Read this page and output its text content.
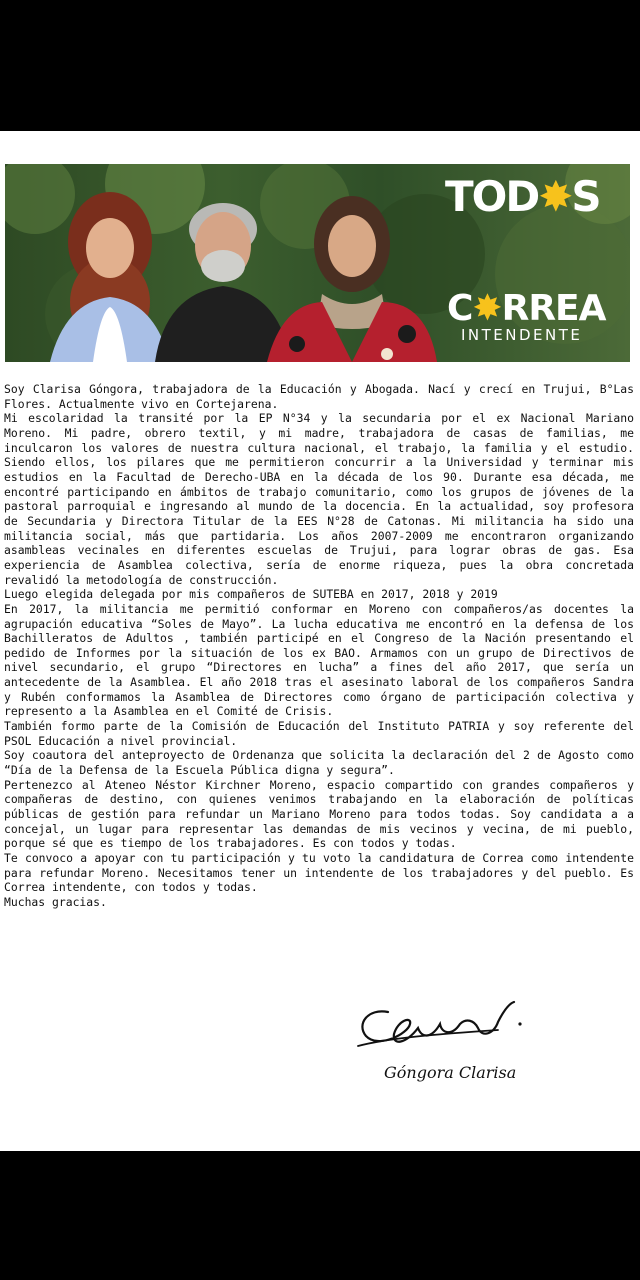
TOD✸S
C✸RREA
INTENDENTE

Soy Clarisa Góngora, trabajadora de la Educación y Abogada. Nací y crecí en Trujui, B°Las Flores. Actualmente vivo en Cortejarena.

Mi escolaridad la transité por la EP N°34 y la secundaria por el ex Nacional Mariano Moreno. Mi padre, obrero textil, y mi madre, trabajadora de casas de familias, me inculcaron los valores de nuestra cultura nacional, el trabajo, la familia y el estudio. Siendo ellos, los pilares que me permitieron concurrir a la Universidad y terminar mis estudios en la Facultad de Derecho-UBA en la década de los 90. Durante esa década, me encontré participando en ámbitos de trabajo comunitario, como los grupos de jóvenes de la pastoral parroquial e ingresando al mundo de la docencia. En la actualidad, soy profesora de Secundaria y Directora Titular de la EES N°28 de Catonas. Mi militancia ha sido una militancia social, más que partidaria. Los años 2007-2009 me encontraron organizando asambleas vecinales en diferentes escuelas de Trujui, para lograr obras de gas. Esa experiencia de Asamblea colectiva, sería de enorme riqueza, pues la obra concretada revalidó la metodología de construcción.

Luego elegida delegada por mis compañeros de SUTEBA en 2017, 2018 y 2019

En 2017, la militancia me permitió conformar en Moreno con compañeros/as docentes la agrupación educativa “Soles de Mayo”. La lucha educativa me encontró en la defensa de los Bachilleratos de Adultos , también participé en el Congreso de la Nación presentando el pedido de Informes por la situación de los ex BAO. Armamos con un grupo de Directivos de nivel secundario, el grupo “Directores en lucha” a fines del año 2017, que sería un antecedente de la Asamblea. El año 2018 tras el asesinato laboral de los compañeros Sandra y Rubén conformamos la Asamblea de Directores como órgano de participación colectiva y represento a la Asamblea en el Comité de Crisis.

También formo parte de la Comisión de Educación del Instituto PATRIA y soy referente del PSOL Educación a nivel provincial.

Soy coautora del anteproyecto de Ordenanza que solicita la declaración del 2 de Agosto como “Día de la Defensa de la Escuela Pública digna y segura”.

Pertenezco al Ateneo Néstor Kirchner Moreno, espacio compartido con grandes compañeros y compañeras de destino, con quienes venimos trabajando en la elaboración de políticas públicas de gestión para refundar un Mariano Moreno para todos todas. Soy candidata a a concejal, un lugar para representar las demandas de mis vecinos y vecina, de mi pueblo, porque sé que es tiempo de los trabajadores. Es con todos y todas.

Te convoco a apoyar con tu participación y tu voto la candidatura de Correa como intendente para refundar Moreno. Necesitamos tener un intendente de los trabajadores y del pueblo. Es Correa intendente, con todos y todas.

Muchas gracias.

Góngora Clarisa
